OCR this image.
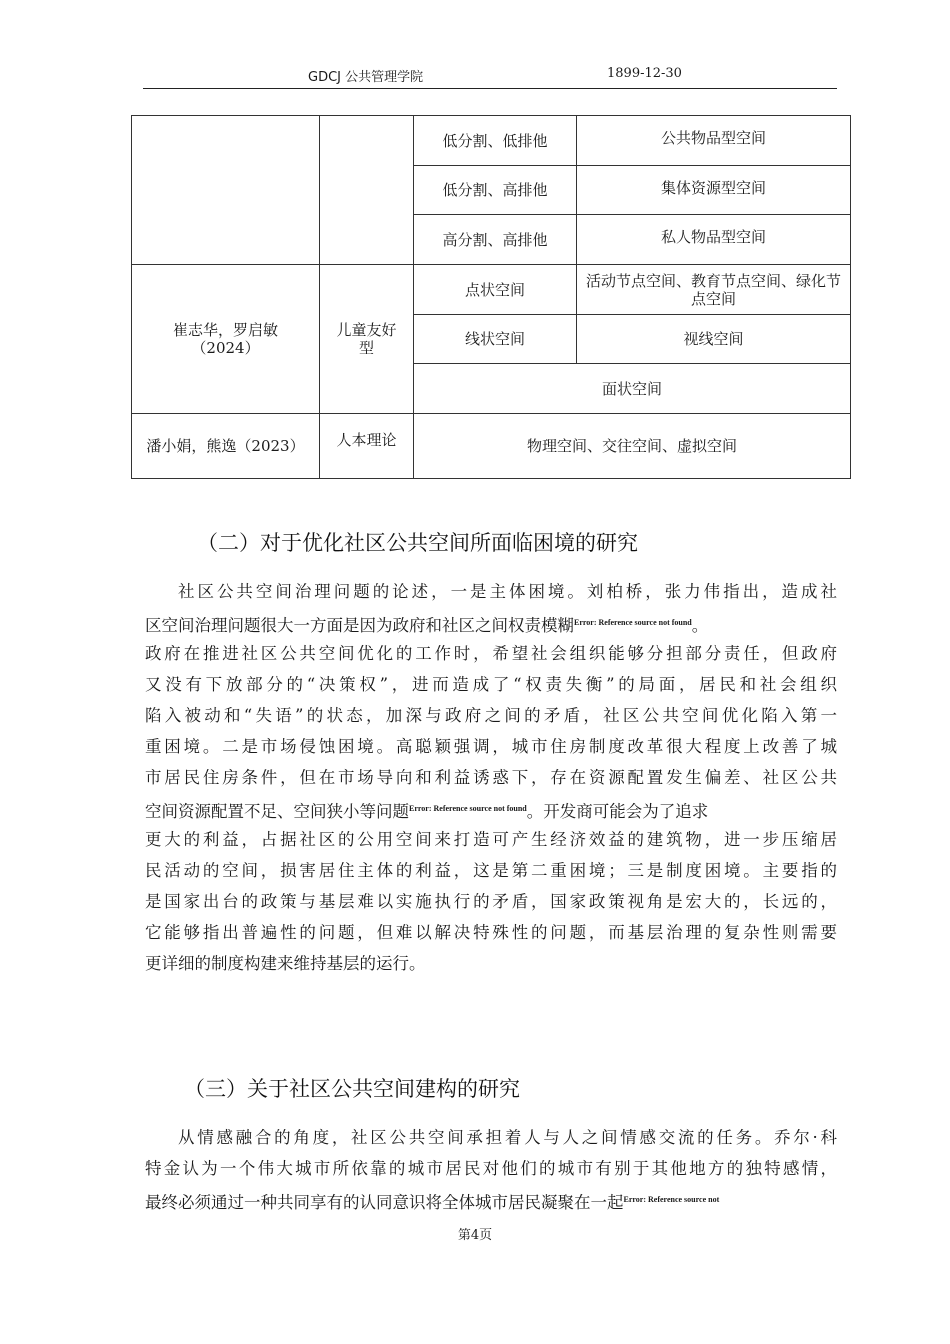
GDCJ 公共管理学院	1899-12-30
		低分割、低排他	公共物品型空间
		低分割、高排他	集体资源型空间
		高分割、高排他	私人物品型空间
崔志华，罗启敏（2024）	儿童友好型	点状空间	活动节点空间、教育节点空间、绿化节点空间
		线状空间	视线空间
		面状空间	
潘小娟，熊逸（2023）	人本理论	物理空间、交往空间、虚拟空间	
（二）对于优化社区公共空间所面临困境的研究
社区公共空间治理问题的论述，一是主体困境。刘柏桥，张力伟指出，造成社
区空间治理问题很大一方面是因为政府和社区之间权责模糊$^{Error: Reference source not found}$。
政府在推进社区公共空间优化的工作时，希望社会组织能够分担部分责任，但政府
又没有下放部分的“决策权”，进而造成了“权责失衡”的局面，居民和社会组织
陷入被动和“失语”的状态，加深与政府之间的矛盾，社区公共空间优化陷入第一
重困境。二是市场侵蚀困境。高聪颖强调，城市住房制度改革很大程度上改善了城
市居民住房条件，但在市场导向和利益诱惑下，存在资源配置发生偏差、社区公共
空间资源配置不足、空间狭小等问题$^{Error: Reference source not found}$。开发商可能会为了追求
更大的利益，占据社区的公用空间来打造可产生经济效益的建筑物，进一步压缩居
民活动的空间，损害居住主体的利益，这是第二重困境；三是制度困境。主要指的
是国家出台的政策与基层难以实施执行的矛盾，国家政策视角是宏大的，长远的，
它能够指出普遍性的问题，但难以解决特殊性的问题，而基层治理的复杂性则需要
更详细的制度构建来维持基层的运行。
（三）关于社区公共空间建构的研究
从情感融合的角度，社区公共空间承担着人与人之间情感交流的任务。乔尔·科
特金认为一个伟大城市所依靠的城市居民对他们的城市有别于其他地方的独特感情，
最终必须通过一种共同享有的认同意识将全体城市居民凝聚在一起$^{Error: Reference source not}$
第4页
